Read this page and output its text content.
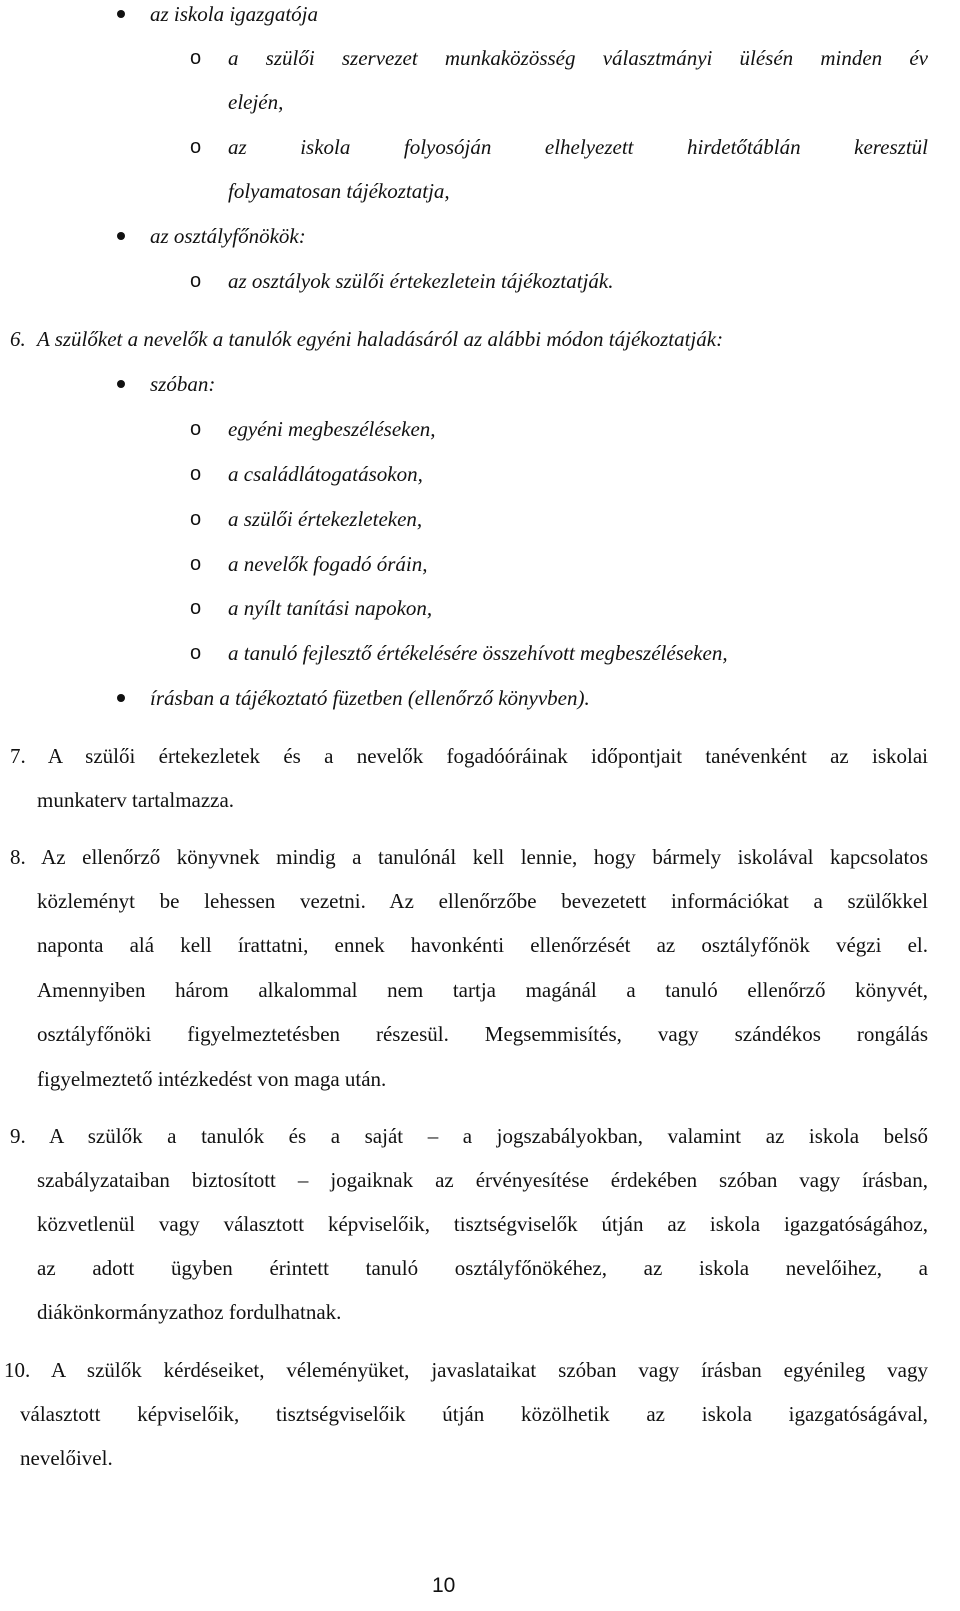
az iskola igazgatója
o a szülői szervezet munkaközösség választmányi ülésén minden év
elején,
o az iskola folyosóján elhelyezett hirdetőtáblán keresztül
folyamatosan tájékoztatja,
az osztályfőnökök:
o az osztályok szülői értekezletein tájékoztatják.
6. A szülőket a nevelők a tanulók egyéni haladásáról az alábbi módon tájékoztatják:
szóban:
o egyéni megbeszéléseken,
o a családlátogatásokon,
o a szülői értekezleteken,
o a nevelők fogadó óráin,
o a nyílt tanítási napokon,
o a tanuló fejlesztő értékelésére összehívott megbeszéléseken,
írásban a tájékoztató füzetben (ellenőrző könyvben).
7. A szülői értekezletek és a nevelők fogadóóráinak időpontjait tanévenként az iskolai
munkaterv tartalmazza.
8. Az ellenőrző könyvnek mindig a tanulónál kell lennie, hogy bármely iskolával kapcsolatos
közleményt be lehessen vezetni. Az ellenőrzőbe bevezetett információkat a szülőkkel
naponta alá kell írattatni, ennek havonkénti ellenőrzését az osztályfőnök végzi el.
Amennyiben három alkalommal nem tartja magánál a tanuló ellenőrző könyvét,
osztályfőnöki figyelmeztetésben részesül. Megsemmisítés, vagy szándékos rongálás
figyelmeztető intézkedést von maga után.
9. A szülők a tanulók és a saját – a jogszabályokban, valamint az iskola belső
szabályzataiban biztosított – jogaiknak az érvényesítése érdekében szóban vagy írásban,
közvetlenül vagy választott képviselőik, tisztségviselők útján az iskola igazgatóságához,
az adott ügyben érintett tanuló osztályfőnökéhez, az iskola nevelőihez, a
diákönkormányzathoz fordulhatnak.
10. A szülők kérdéseiket, véleményüket, javaslataikat szóban vagy írásban egyénileg vagy
választott képviselőik, tisztségviselőik útján közölhetik az iskola igazgatóságával,
nevelőivel.
10
